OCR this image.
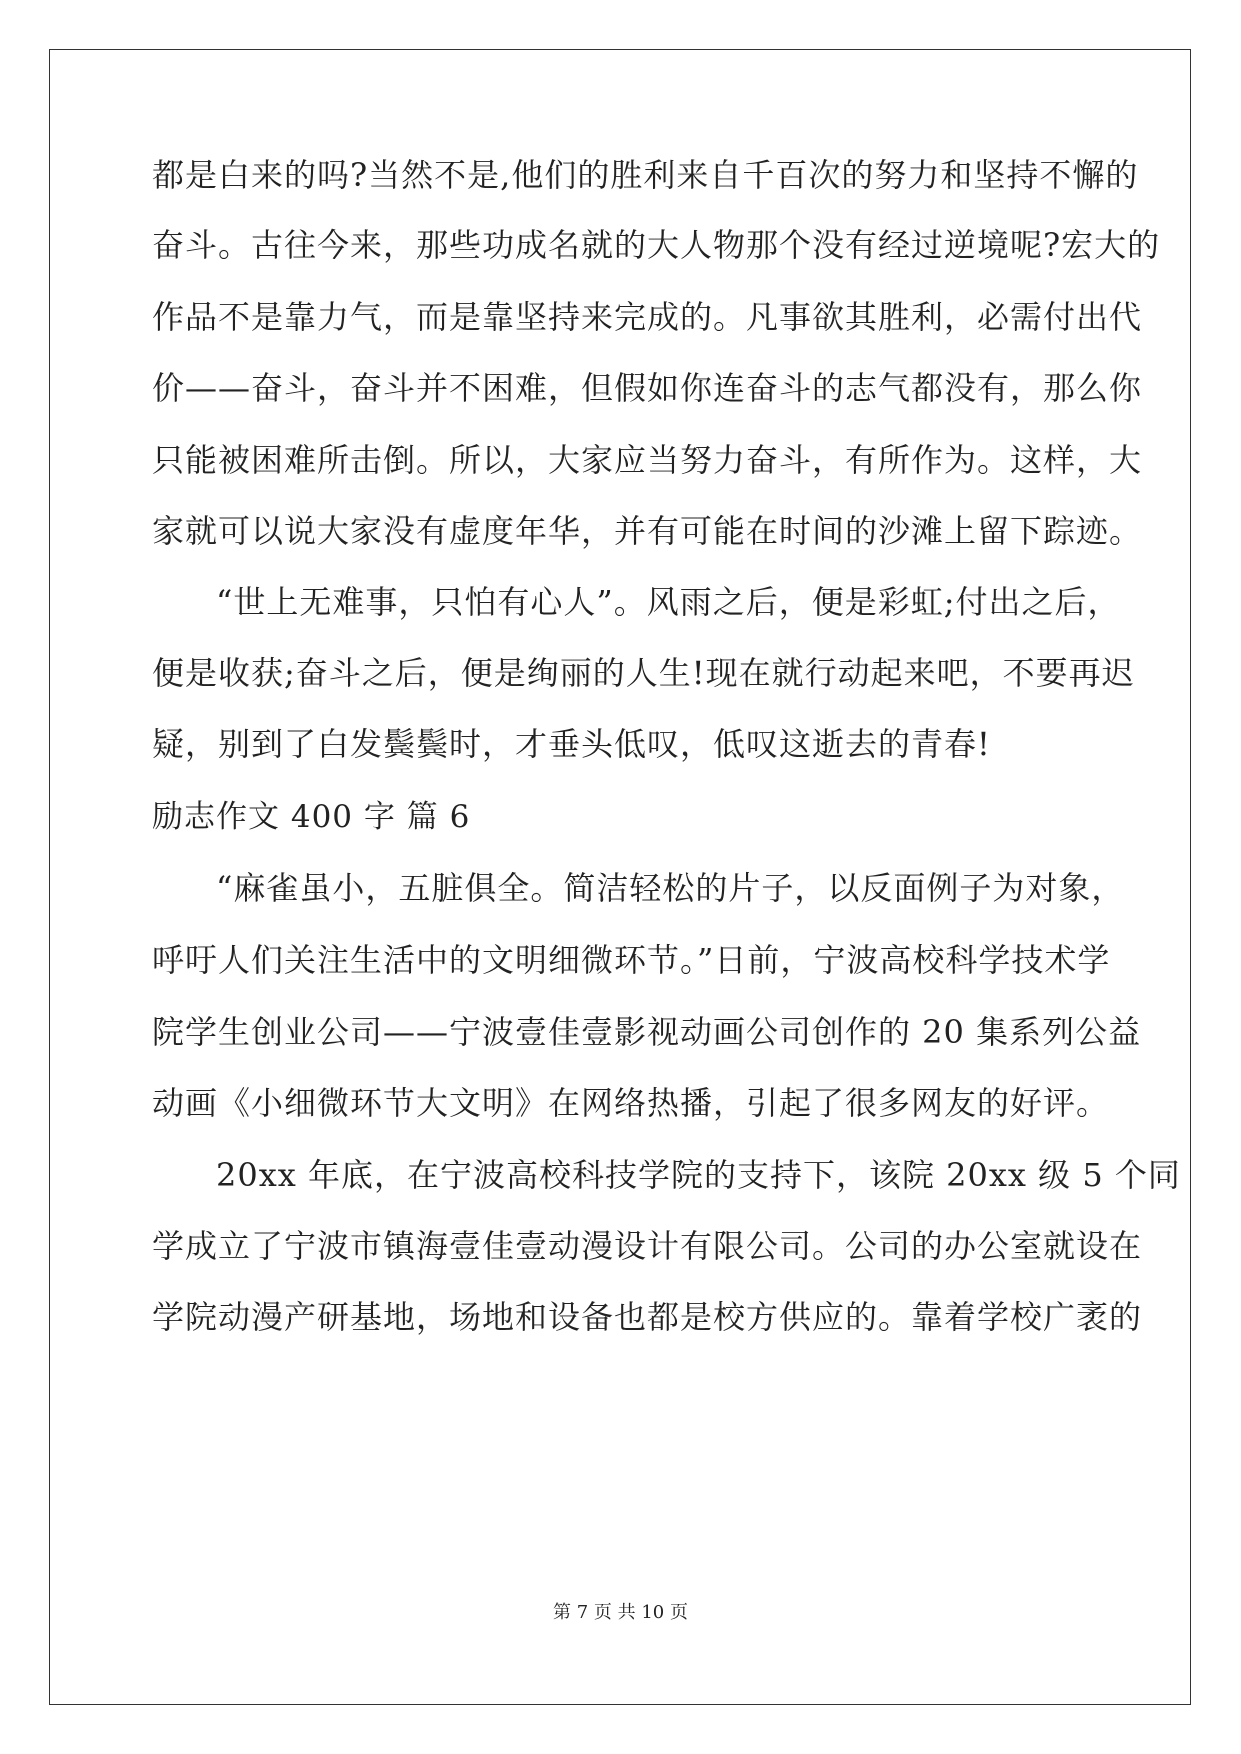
都是白来的吗?当然不是,他们的胜利来自千百次的努力和坚持不懈的
奋斗。古往今来，那些功成名就的大人物那个没有经过逆境呢?宏大的
作品不是靠力气，而是靠坚持来完成的。凡事欲其胜利，必需付出代
价——奋斗，奋斗并不困难，但假如你连奋斗的志气都没有，那么你
只能被困难所击倒。所以，大家应当努力奋斗，有所作为。这样，大
家就可以说大家没有虚度年华，并有可能在时间的沙滩上留下踪迹。
“世上无难事，只怕有心人”。风雨之后，便是彩虹;付出之后，
便是收获;奋斗之后，便是绚丽的人生!现在就行动起来吧，不要再迟
疑，别到了白发鬓鬓时，才垂头低叹，低叹这逝去的青春!
励志作文 400 字 篇 6
“麻雀虽小，五脏俱全。简洁轻松的片子，以反面例子为对象，
呼吁人们关注生活中的文明细微环节。”日前，宁波高校科学技术学
院学生创业公司——宁波壹佳壹影视动画公司创作的 20 集系列公益
动画《小细微环节大文明》在网络热播，引起了很多网友的好评。
20xx 年底，在宁波高校科技学院的支持下，该院 20xx 级 5 个同
学成立了宁波市镇海壹佳壹动漫设计有限公司。公司的办公室就设在
学院动漫产研基地，场地和设备也都是校方供应的。靠着学校广袤的
第 7 页 共 10 页
